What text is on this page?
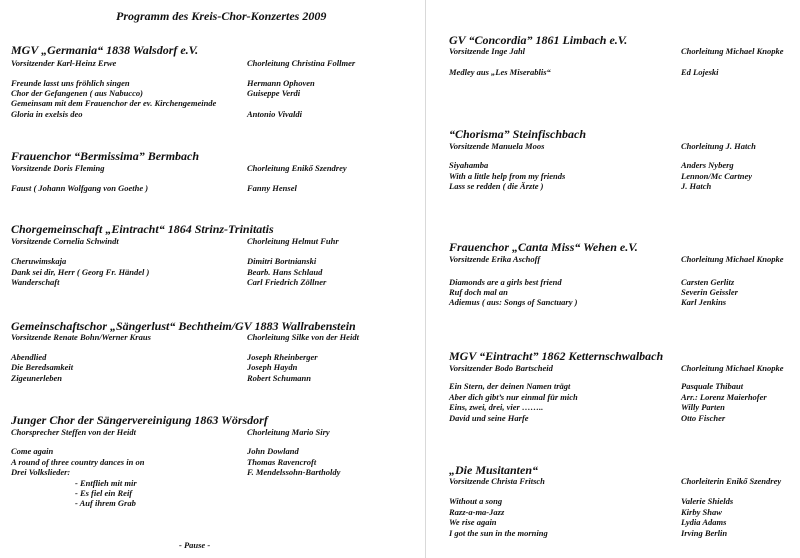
Programm des Kreis-Chor-Konzertes 2009
MGV „Germania“ 1838 Walsdorf e.V.
Vorsitzender Karl-Heinz Erwe	Chorleitung Christina Follmer
Freunde lasst uns fröhlich singen	Hermann Ophoven
Chor der Gefangenen ( aus Nabucco)	Guiseppe Verdi
Gemeinsam mit dem Frauenchor der ev. Kirchengemeinde
Gloria in exelsis deo	Antonio Vivaldi
Frauenchor “Bermissima” Bermbach
Vorsitzende Doris Fleming	Chorleitung Enikő Szendrey
Faust ( Johann Wolfgang von Goethe )	Fanny Hensel
Chorgemeinschaft „Eintracht“ 1864 Strinz-Trinitatis
Vorsitzende Cornelia Schwindt	Chorleitung Helmut Fuhr
Cheruwimskaja	Dimitri Bortnianski
Dank sei dir, Herr ( Georg Fr. Händel )	Bearb. Hans Schlaud
Wanderschaft	Carl Friedrich Zöllner
Gemeinschaftschor „Sängerlust“ Bechtheim/GV 1883 Wallrabenstein
Vorsitzende Renate Bohn/Werner Kraus	Chorleitung Silke von der Heidt
Abendlied	Joseph Rheinberger
Die Beredsamkeit	Joseph Haydn
Zigeunerleben	Robert Schumann
Junger Chor der Sängervereinigung 1863 Wörsdorf
Chorsprecher Steffen von der Heidt	Chorleitung Mario Siry
Come again	John Dowland
A round of three country dances in on	Thomas Ravencroft
Drei Volkslieder:	F. Mendelssohn-Bartholdy
- Entflieh mit mir
- Es fiel ein Reif
- Auf ihrem Grab
- Pause -
GV “Concordia” 1861 Limbach e.V.
Vorsitzende Inge Jahl	Chorleitung Michael Knopke
Medley aus „Les Miserablis“	Ed Lojeski
“Chorisma” Steinfischbach
Vorsitzende Manuela Moos	Chorleitung J. Hatch
Siyahamba	Anders Nyberg
With a little help from my friends	Lennon/Mc Cartney
Lass se redden ( die Ärzte )	J. Hatch
Frauenchor „Canta Miss“ Wehen e.V.
Vorsitzende Erika Aschoff	Chorleitung Michael Knopke
Diamonds are a girls best friend	Carsten Gerlitz
Ruf doch mal an	Severin Geissler
Adiemus ( aus: Songs of Sanctuary )	Karl Jenkins
MGV “Eintracht” 1862 Ketternschwalbach
Vorsitzender Bodo Bartscheid	Chorleitung Michael Knopke
Ein Stern, der deinen Namen trägt	Pasquale Thibaut
Aber dich gibt’s nur einmal für mich	Arr.: Lorenz Maierhofer
Eins, zwei, drei, vier ……..	Willy Parten
David und seine Harfe	Otto Fischer
„Die Musitanten“
Vorsitzende Christa Fritsch	Chorleiterin Enikő Szendrey
Without a song	Valerie Shields
Razz-a-ma-Jazz	Kirby Shaw
We rise again	Lydia Adams
I got the sun in the morning	Irving Berlin
